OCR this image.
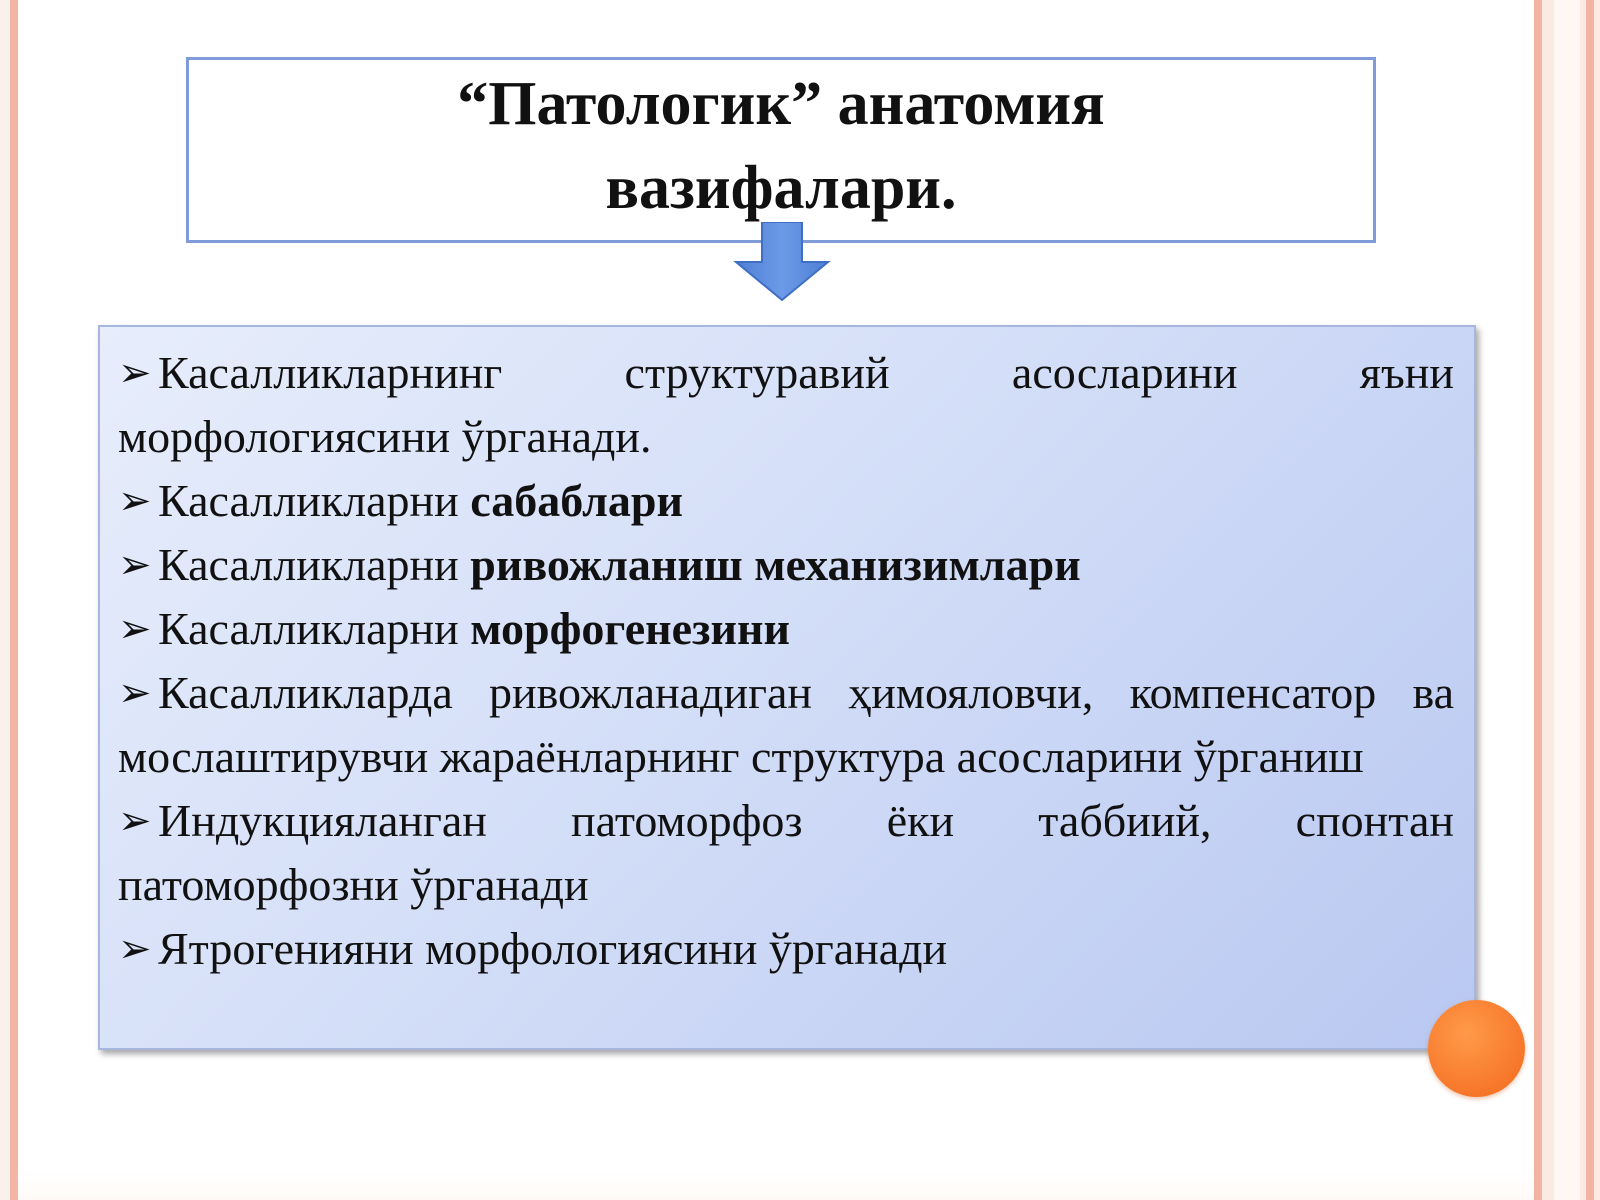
“Патологик” анатомия вазифалари.
➢ Касалликларнинг структуравий асосларини яъни морфологиясини ўрганади.
➢ Касалликларни сабаблари
➢ Касалликларни ривожланиш механизимлари
➢ Касалликларни морфогенезини
➢ Касалликларда ривожланадиган ҳимояловчи, компенсатор ва мослаштирувчи жараёнларнинг структура асосларини ўрганиш
➢ Индукцияланган патоморфоз ёки таббиий, спонтан патоморфозни ўрганади
➢ Ятрогенияни морфологиясини ўрганади
